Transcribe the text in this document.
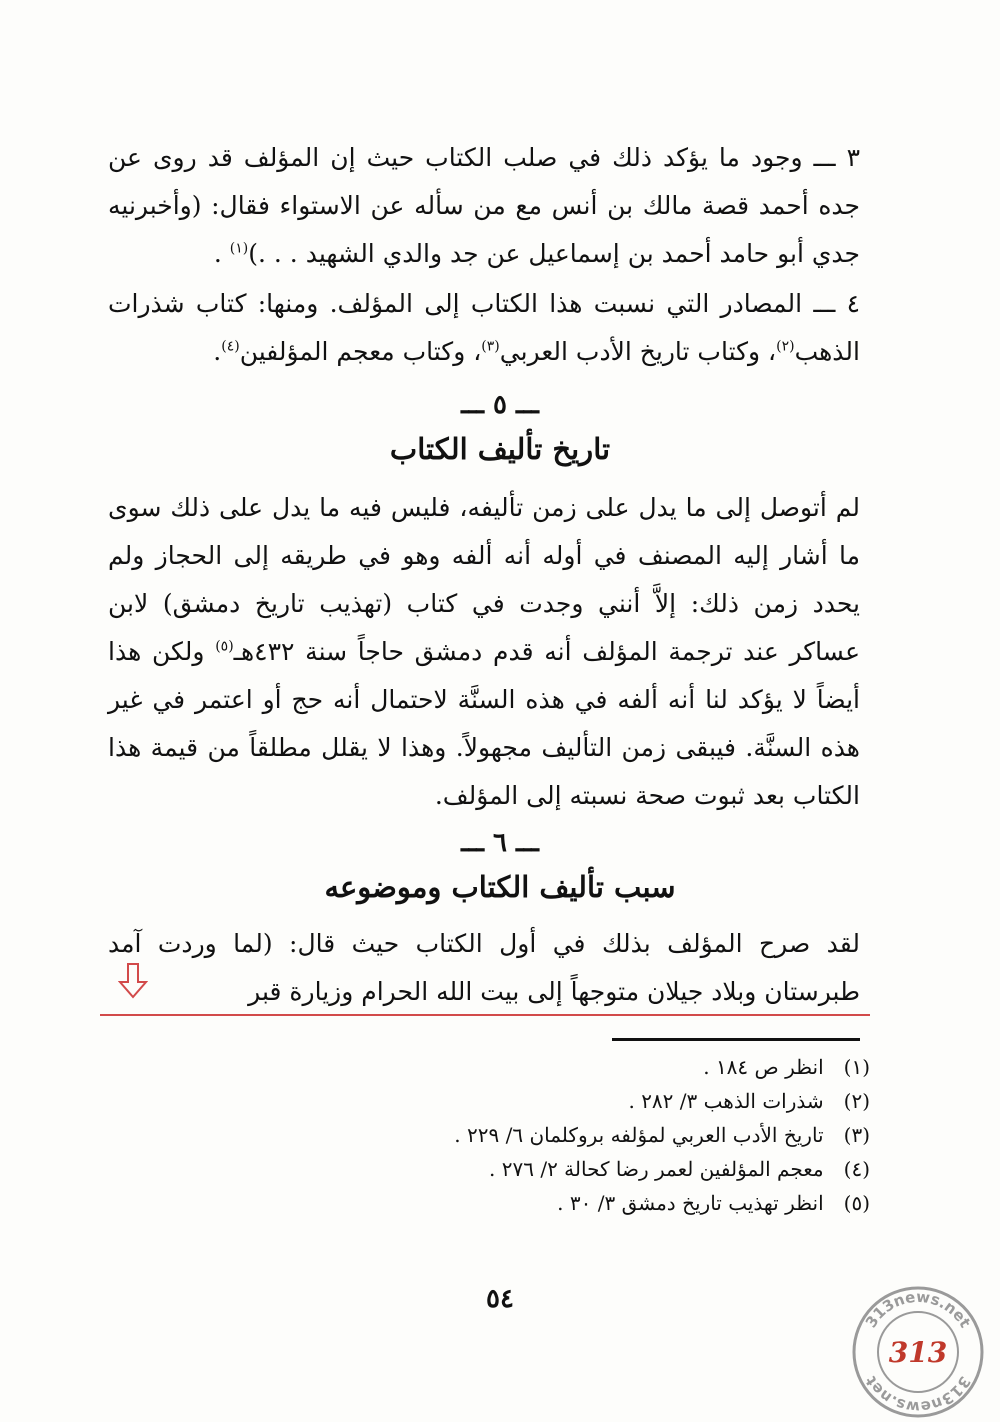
٣ ـــ وجود ما يؤكد ذلك في صلب الكتاب حيث إن المؤلف قد روى عن جده أحمد قصة مالك بن أنس مع من سأله عن الاستواء فقال: (وأخبرنيه جدي أبو حامد أحمد بن إسماعيل عن جد والدي الشهيد . . .)$^{(١)}$ .

٤ ـــ المصادر التي نسبت هذا الكتاب إلى المؤلف. ومنها: كتاب شذرات الذهب$^{(٢)}$، وكتاب تاريخ الأدب العربي$^{(٣)}$، وكتاب معجم المؤلفين$^{(٤)}$.

ـــ ٥ ـــ
تاريخ تأليف الكتاب

لم أتوصل إلى ما يدل على زمن تأليفه، فليس فيه ما يدل على ذلك سوى ما أشار إليه المصنف في أوله أنه ألفه وهو في طريقه إلى الحجاز ولم يحدد زمن ذلك: إلاَّ أنني وجدت في كتاب (تهذيب تاريخ دمشق) لابن عساكر عند ترجمة المؤلف أنه قدم دمشق حاجاً سنة ٤٣٢هـ$^{(٥)}$ ولكن هذا أيضاً لا يؤكد لنا أنه ألفه في هذه السنَّة لاحتمال أنه حج أو اعتمر في غير هذه السنَّة. فيبقى زمن التأليف مجهولاً. وهذا لا يقلل مطلقاً من قيمة هذا الكتاب بعد ثبوت صحة نسبته إلى المؤلف.

ـــ ٦ ـــ
سبب تأليف الكتاب وموضوعه

لقد صرح المؤلف بذلك في أول الكتاب حيث قال: (لما وردت آمد طبرستان وبلاد جيلان متوجهاً إلى بيت الله الحرام وزيارة قبر

(١) انظر ص ١٨٤ .
(٢) شذرات الذهب ٣/ ٢٨٢ .
(٣) تاريخ الأدب العربي لمؤلفه بروكلمان ٦/ ٢٢٩ .
(٤) معجم المؤلفين لعمر رضا كحالة ٢/ ٢٧٦ .
(٥) انظر تهذيب تاريخ دمشق ٣/ ٣٠ .
٥٤
313news.net
313news.net
313
